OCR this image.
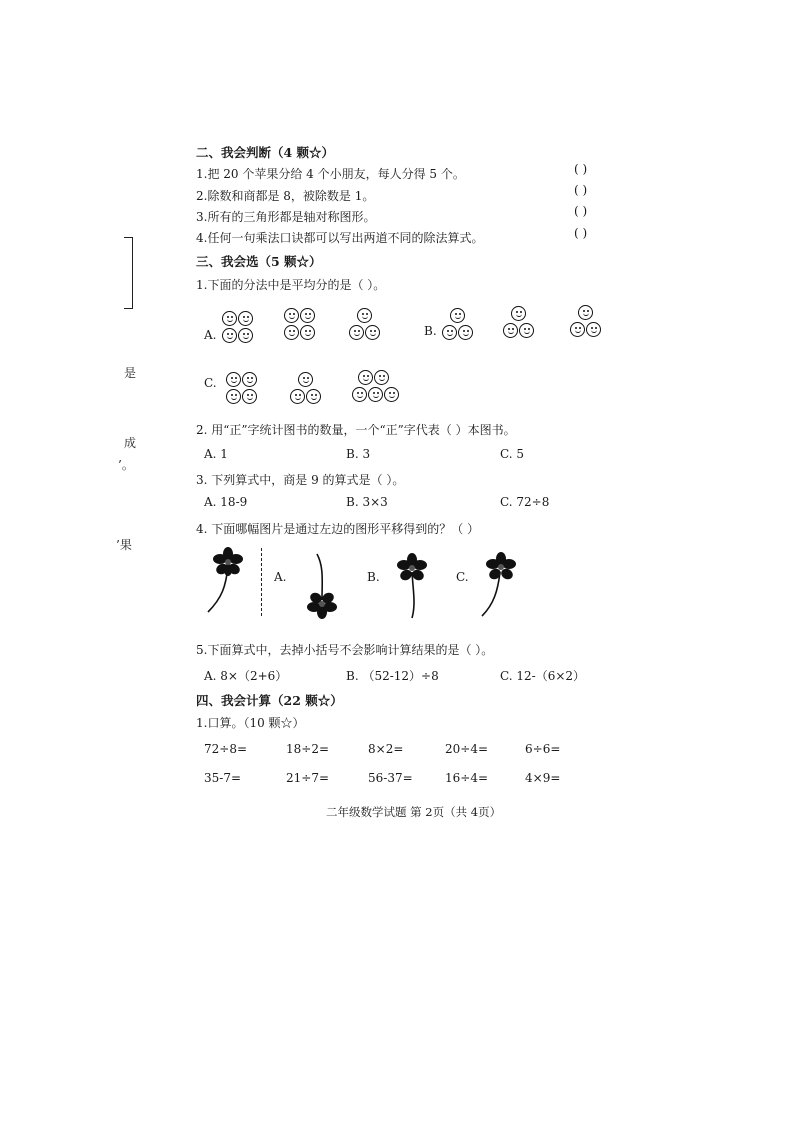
是
成
’。
’果
二、我会判断（4 颗☆）
1.把 20 个苹果分给 4 个小朋友，每人分得 5 个。
2.除数和商都是 8，被除数是 1。
3.所有的三角形都是轴对称图形。
4.任何一句乘法口诀都可以写出两道不同的除法算式。
( )
( )
( )
( )
三、我会选（5 颗☆）
1.下面的分法中是平均分的是（ ）。
A.	B.
C.
2. 用“正”字统计图书的数量，一个“正”字代表（ ）本图书。
A. 1	B. 3	C. 5
3. 下列算式中，商是 9 的算式是（ ）。
A. 18-9	B. 3×3	C. 72÷8
4. 下面哪幅图片是通过左边的图形平移得到的？（ ）
A.	B.	C.
5.下面算式中，去掉小括号不会影响计算结果的是（ ）。
A. 8×（2+6）	B. （52-12）÷8	C. 12-（6×2）
四、我会计算（22 颗☆）
1.口算。（10 颗☆）
72÷8=	18÷2=	8×2=	20÷4=	6÷6=
35-7=	21÷7=	56-37=	16÷4=	4×9=
二年级数学试题 第 2页（共 4页）
